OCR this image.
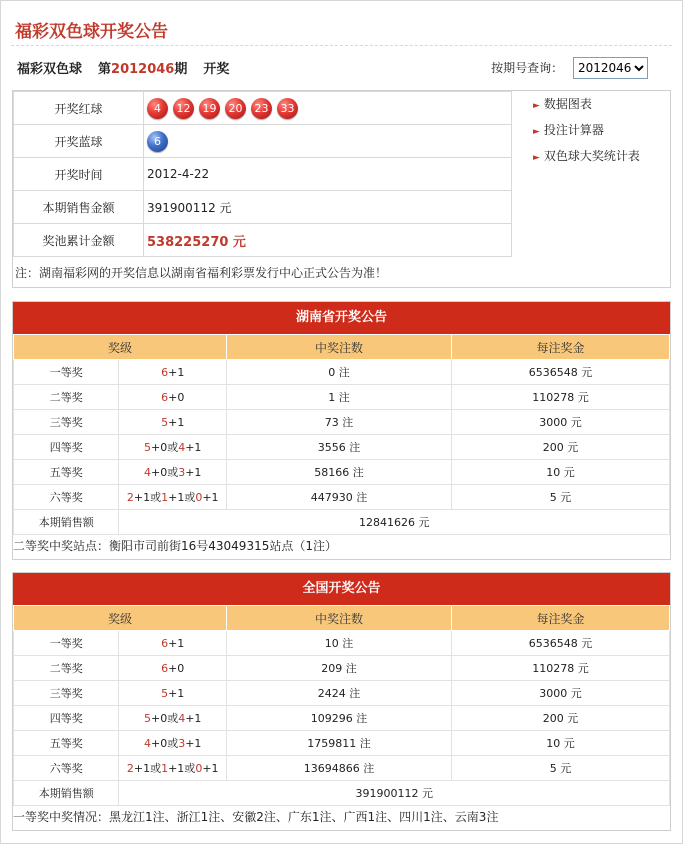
福彩双色球开奖公告
福彩双色球 第2012046期 开奖	按期号查询：
2012046
开奖红球	4 12 19 20 23 33
开奖蓝球	6
开奖时间	2012-4-22
本期销售金额	391900112 元
奖池累计金额	538225270 元
► 数据图表
► 投注计算器
► 双色球大奖统计表
注：湖南福彩网的开奖信息以湖南省福利彩票发行中心正式公告为准！
湖南省开奖公告
奖级		中奖注数	每注奖金
一等奖	6+1	0 注	6536548 元
二等奖	6+0	1 注	110278 元
三等奖	5+1	73 注	3000 元
四等奖	5+0或4+1	3556 注	200 元
五等奖	4+0或3+1	58166 注	10 元
六等奖	2+1或1+1或0+1	447930 注	5 元
本期销售额	12841626 元		
二等奖中奖站点：衡阳市司前街16号43049315站点（1注）
全国开奖公告
奖级		中奖注数	每注奖金
一等奖	6+1	10 注	6536548 元
二等奖	6+0	209 注	110278 元
三等奖	5+1	2424 注	3000 元
四等奖	5+0或4+1	109296 注	200 元
五等奖	4+0或3+1	1759811 注	10 元
六等奖	2+1或1+1或0+1	13694866 注	5 元
本期销售额	391900112 元		
一等奖中奖情况：黑龙江1注、浙江1注、安徽2注、广东1注、广西1注、四川1注、云南3注
